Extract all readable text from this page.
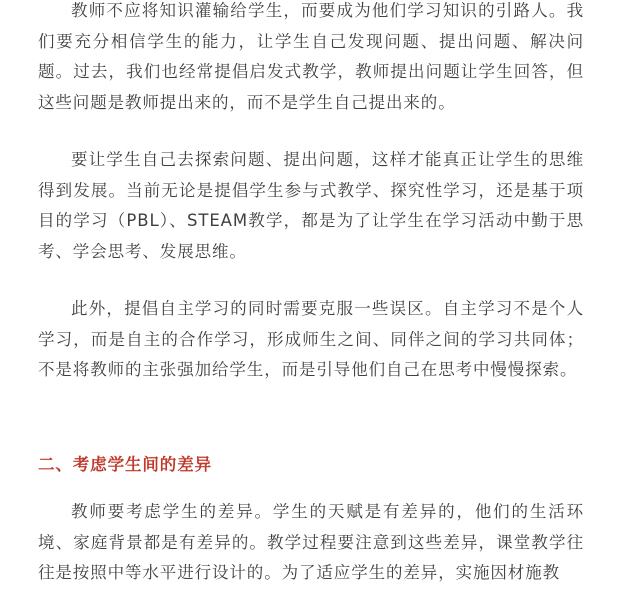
教师不应将知识灌输给学生，而要成为他们学习知识的引路人。我们要充分相信学生的能力，让学生自己发现问题、提出问题、解决问题。过去，我们也经常提倡启发式教学，教师提出问题让学生回答，但这些问题是教师提出来的，而不是学生自己提出来的。

要让学生自己去探索问题、提出问题，这样才能真正让学生的思维得到发展。当前无论是提倡学生参与式教学、探究性学习，还是基于项目的学习（PBL）、STEAM教学，都是为了让学生在学习活动中勤于思考、学会思考、发展思维。

此外，提倡自主学习的同时需要克服一些误区。自主学习不是个人学习，而是自主的合作学习，形成师生之间、同伴之间的学习共同体；不是将教师的主张强加给学生，而是引导他们自己在思考中慢慢探索。

教师要考虑学生的差异。学生的天赋是有差异的，他们的生活环境、家庭背景都是有差异的。教学过程要注意到这些差异，课堂教学往往是按照中等水平进行设计的。为了适应学生的差异，实施因材施教

二、考虑学生间的差异
